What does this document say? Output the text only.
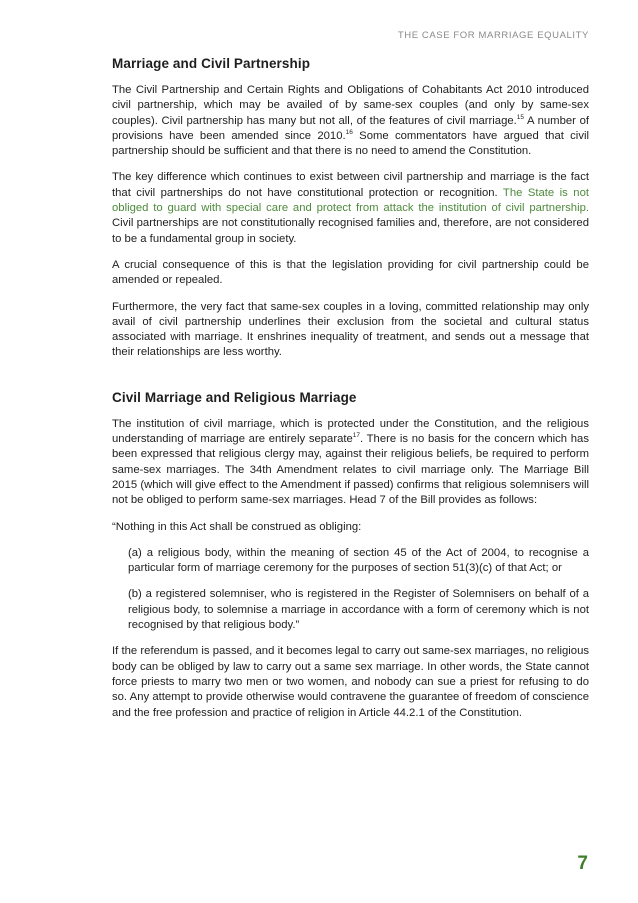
THE CASE FOR MARRIAGE EQUALITY
Marriage and Civil Partnership

The Civil Partnership and Certain Rights and Obligations of Cohabitants Act 2010 introduced civil partnership, which may be availed of by same-sex couples (and only by same-sex couples). Civil partnership has many but not all, of the features of civil marriage.$^{15}$ A number of provisions have been amended since 2010.16 Some commentators have argued that civil partnership should be sufficient and that there is no need to amend the Constitution.

The key difference which continues to exist between civil partnership and marriage is the fact that civil partnerships do not have constitutional protection or recognition. The State is not obliged to guard with special care and protect from attack the institution of civil partnership. Civil partnerships are not constitutionally recognised families and, therefore, are not considered to be a fundamental group in society.

A crucial consequence of this is that the legislation providing for civil partnership could be amended or repealed.

Furthermore, the very fact that same-sex couples in a loving, committed relationship may only avail of civil partnership underlines their exclusion from the societal and cultural status associated with marriage. It enshrines inequality of treatment, and sends out a message that their relationships are less worthy.

Civil Marriage and Religious Marriage

The institution of civil marriage, which is protected under the Constitution, and the religious understanding of marriage are entirely separate$^{17}$. There is no basis for the concern which has been expressed that religious clergy may, against their religious beliefs, be required to perform same-sex marriages. The 34th Amendment relates to civil marriage only. The Marriage Bill 2015 (which will give effect to the Amendment if passed) confirms that religious solemnisers will not be obliged to perform same-sex marriages. Head 7 of the Bill provides as follows:

“Nothing in this Act shall be construed as obliging:

(a) a religious body, within the meaning of section 45 of the Act of 2004, to recognise a particular form of marriage ceremony for the purposes of section 51(3)(c) of that Act; or

(b) a registered solemniser, who is registered in the Register of Solemnisers on behalf of a religious body, to solemnise a marriage in accordance with a form of ceremony which is not recognised by that religious body.”

If the referendum is passed, and it becomes legal to carry out same-sex marriages, no religious body can be obliged by law to carry out a same sex marriage. In other words, the State cannot force priests to marry two men or two women, and nobody can sue a priest for refusing to do so. Any attempt to provide otherwise would contravene the guarantee of freedom of conscience and the free profession and practice of religion in Article 44.2.1 of the Constitution.

7
